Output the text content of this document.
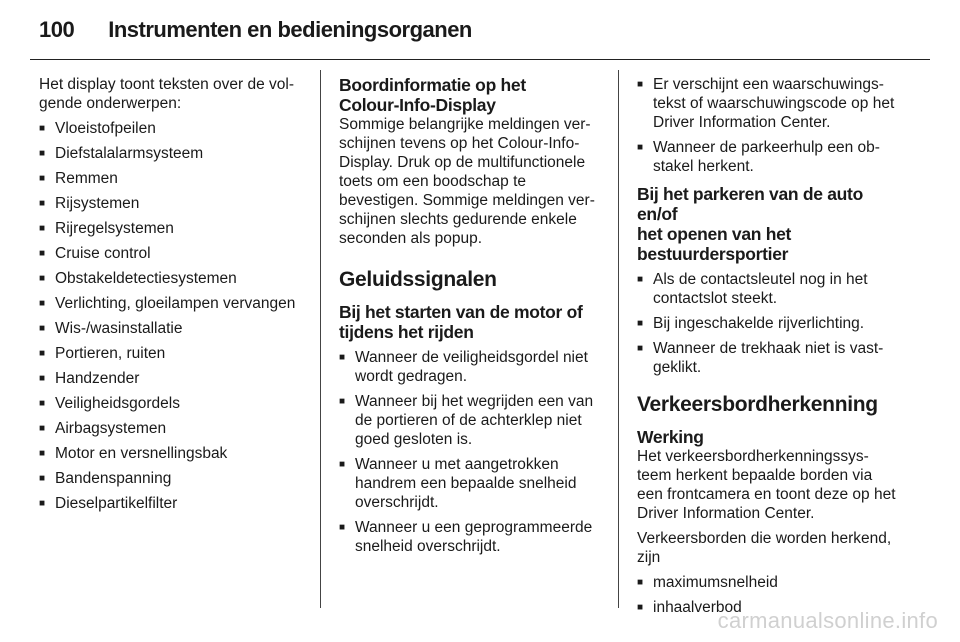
100 Instrumenten en bedieningsorganen

Het display toont teksten over de vol-
gende onderwerpen:

■ Vloeistofpeilen
■ Diefstalalarmsysteem
■ Remmen
■ Rijsystemen
■ Rijregelsystemen
■ Cruise control
■ Obstakeldetectiesystemen
■ Verlichting, gloeilampen vervangen
■ Wis-/wasinstallatie
■ Portieren, ruiten
■ Handzender
■ Veiligheidsgordels
■ Airbagsystemen
■ Motor en versnellingsbak
■ Bandenspanning
■ Dieselpartikelfilter
Boordinformatie op het
Colour-Info-Display

Sommige belangrijke meldingen ver-
schijnen tevens op het Colour-Info-
Display. Druk op de multifunctionele
toets om een boodschap te
bevestigen. Sommige meldingen ver-
schijnen slechts gedurende enkele
seconden als popup.

Geluidssignalen
Bij het starten van de motor of
tijdens het rijden
■ Wanneer de veiligheidsgordel niet
wordt gedragen.
■ Wanneer bij het wegrijden een van
de portieren of de achterklep niet
goed gesloten is.
■ Wanneer u met aangetrokken
handrem een bepaalde snelheid
overschrijdt.
■ Wanneer u een geprogrammeerde
snelheid overschrijdt.
■ Er verschijnt een waarschuwings-
tekst of waarschuwingscode op het
Driver Information Center.
■ Wanneer de parkeerhulp een ob-
stakel herkent.
Bij het parkeren van de auto en/of
het openen van het
bestuurdersportier
■ Als de contactsleutel nog in het
contactslot steekt.
■ Bij ingeschakelde rijverlichting.
■ Wanneer de trekhaak niet is vast-
geklikt.
Verkeersbordherkenning
Werking

Het verkeersbordherkenningssys-
teem herkent bepaalde borden via
een frontcamera en toont deze op het
Driver Information Center.

Verkeersborden die worden herkend,
zijn

■ maximumsnelheid
■ inhaalverbod
carmanualsonline.info
